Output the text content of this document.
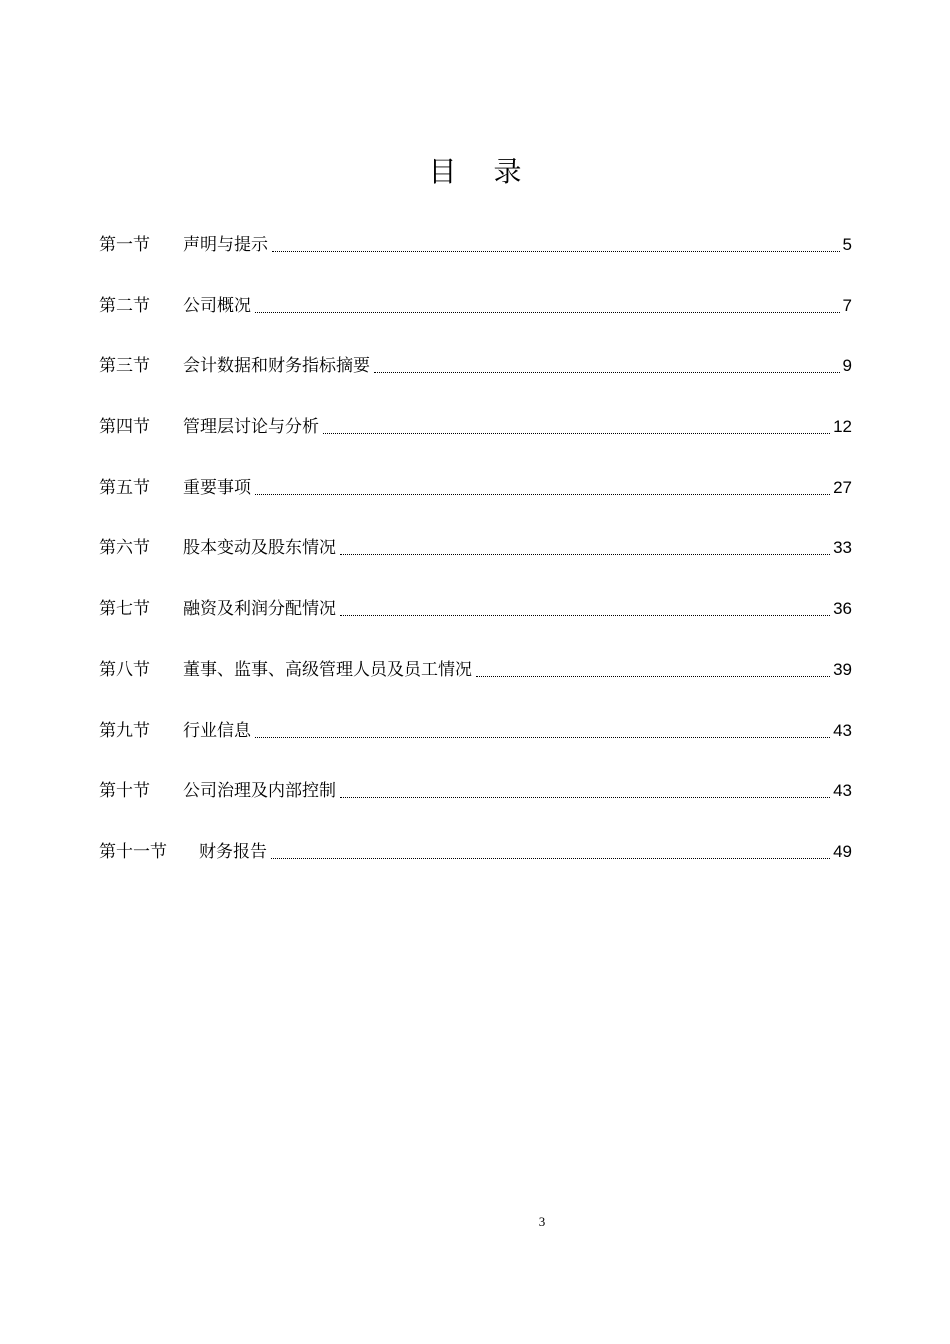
目 录
第一节	声明与提示	5
第二节	公司概况	7
第三节	会计数据和财务指标摘要	9
第四节	管理层讨论与分析	12
第五节	重要事项	27
第六节	股本变动及股东情况	33
第七节	融资及利润分配情况	36
第八节	董事、监事、高级管理人员及员工情况	39
第九节	行业信息	43
第十节	公司治理及内部控制	43
第十一节	财务报告	49
3
